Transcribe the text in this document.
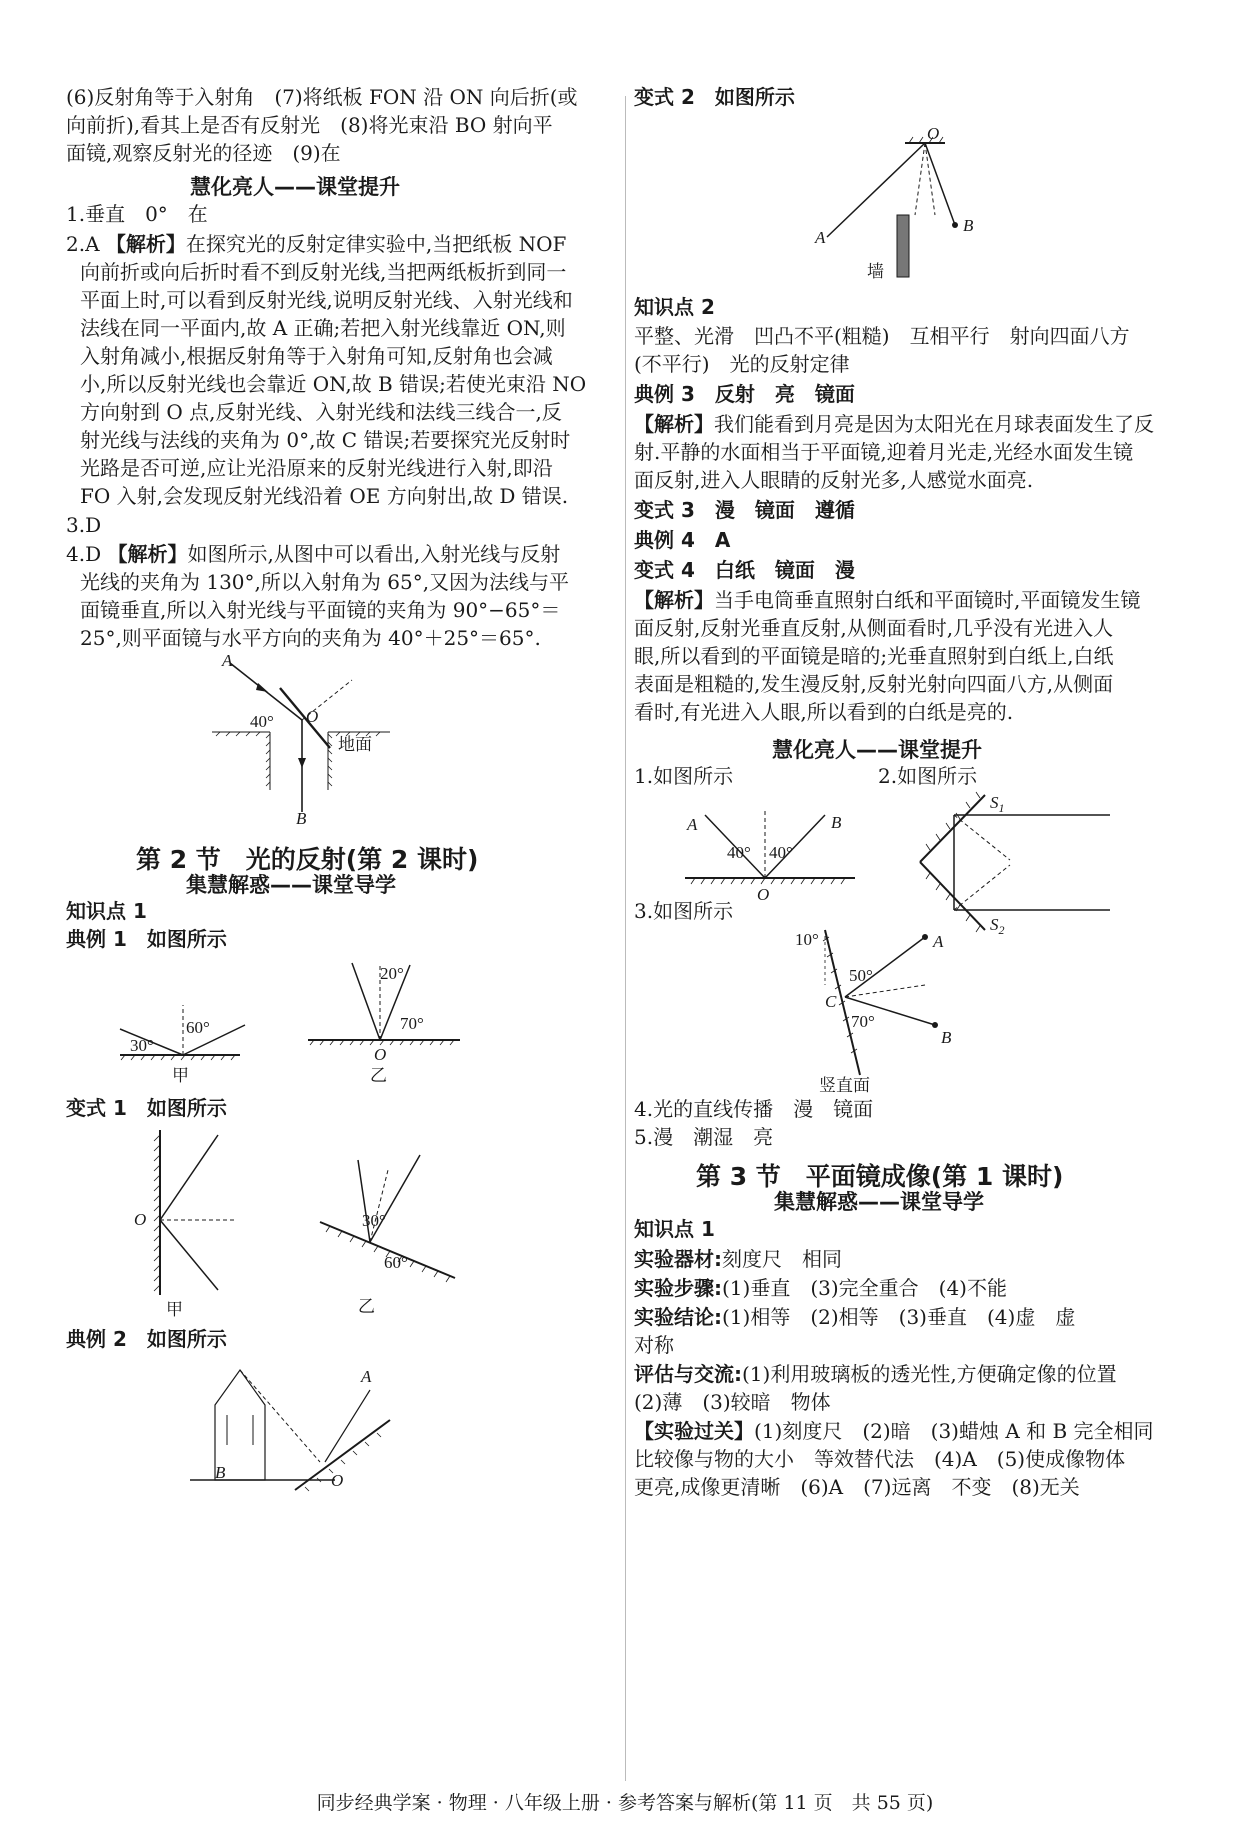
(6)反射角等于入射角　(7)将纸板 FON 沿 ON 向后折(或
向前折),看其上是否有反射光　(8)将光束沿 BO 射向平
面镜,观察反射光的径迹　(9)在
慧化亮人——课堂提升
1.垂直　0°　在
2.A 【解析】在探究光的反射定律实验中,当把纸板 NOF
向前折或向后折时看不到反射光线,当把两纸板折到同一
平面上时,可以看到反射光线,说明反射光线、入射光线和
法线在同一平面内,故 A 正确;若把入射光线靠近 ON,则
入射角减小,根据反射角等于入射角可知,反射角也会减
小,所以反射光线也会靠近 ON,故 B 错误;若使光束沿 NO
方向射到 O 点,反射光线、入射光线和法线三线合一,反
射光线与法线的夹角为 0°,故 C 错误;若要探究光反射时
光路是否可逆,应让光沿原来的反射光线进行入射,即沿
FO 入射,会发现反射光线沿着 OE 方向射出,故 D 错误.
3.D
4.D 【解析】如图所示,从图中可以看出,入射光线与反射
光线的夹角为 130°,所以入射角为 65°,又因为法线与平
面镜垂直,所以入射光线与平面镜的夹角为 90°−65°＝
25°,则平面镜与水平方向的夹角为 40°＋25°＝65°.
A
40° O
地面
B
第 2 节　光的反射(第 2 课时)
集慧解惑——课堂导学
知识点 1
典例 1　如图所示
30°
60°
甲
20°
70°
O
乙
变式 1　如图所示
O
甲
30°
60°
乙
典例 2　如图所示
A
B	O
变式 2　如图所示
O
A
B
墙
知识点 2
平整、光滑　凹凸不平(粗糙)　互相平行　射向四面八方
(不平行)　光的反射定律
典例 3　反射　亮　镜面
【解析】我们能看到月亮是因为太阳光在月球表面发生了反
射.平静的水面相当于平面镜,迎着月光走,光经水面发生镜
面反射,进入人眼睛的反射光多,人感觉水面亮.
变式 3　漫　镜面　遵循
典例 4　A
变式 4　白纸　镜面　漫
【解析】当手电筒垂直照射白纸和平面镜时,平面镜发生镜
面反射,反射光垂直反射,从侧面看时,几乎没有光进入人
眼,所以看到的平面镜是暗的;光垂直照射到白纸上,白纸
表面是粗糙的,发生漫反射,反射光射向四面八方,从侧面
看时,有光进入人眼,所以看到的白纸是亮的.
慧化亮人——课堂提升
1.如图所示	2.如图所示
A	B
40° 40°
O
$S_1$
$S_2$
3.如图所示
10°	A
50°
C
70°
B
竖直面
4.光的直线传播　漫　镜面
5.漫　潮湿　亮
第 3 节　平面镜成像(第 1 课时)
集慧解惑——课堂导学
知识点 1
实验器材:刻度尺　相同
实验步骤:(1)垂直　(3)完全重合　(4)不能
实验结论:(1)相等　(2)相等　(3)垂直　(4)虚　虚
对称
评估与交流:(1)利用玻璃板的透光性,方便确定像的位置
(2)薄　(3)较暗　物体
【实验过关】(1)刻度尺　(2)暗　(3)蜡烛 A 和 B 完全相同
比较像与物的大小　等效替代法　(4)A　(5)使成像物体
更亮,成像更清晰　(6)A　(7)远离　不变　(8)无关
同步经典学案 · 物理 · 八年级上册 · 参考答案与解析(第 11 页　共 55 页)
